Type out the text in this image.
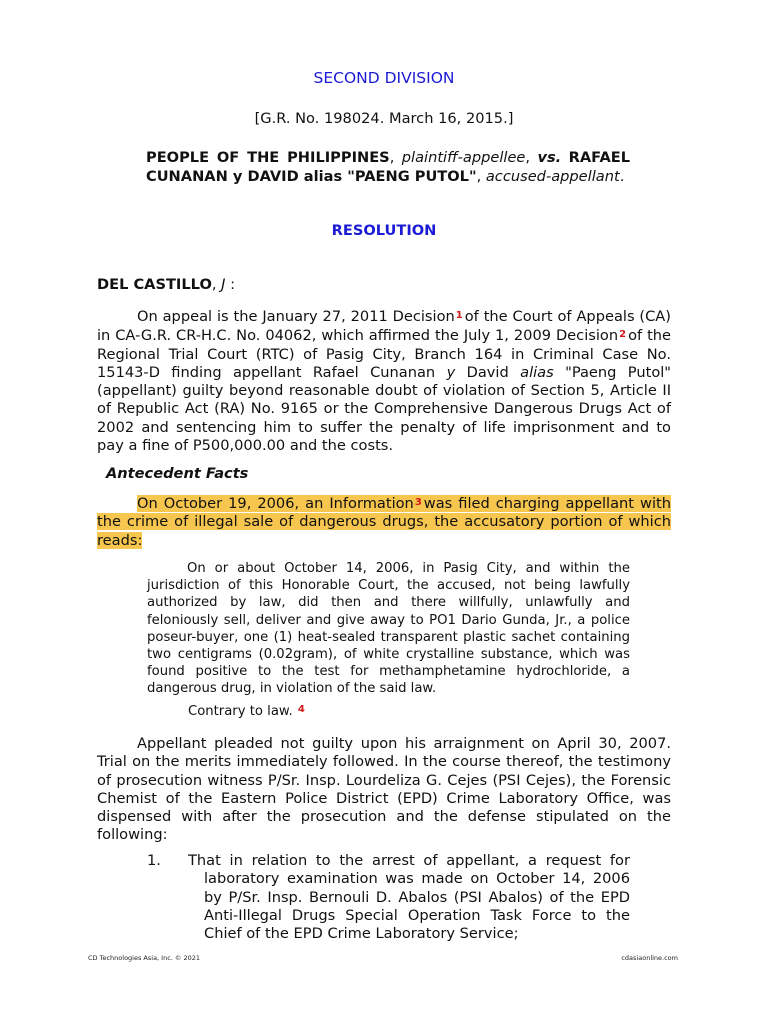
SECOND DIVISION
[G.R. No. 198024. March 16, 2015.]
PEOPLE OF THE PHILIPPINES, plaintiff-appellee, vs. RAFAEL CUNANAN y DAVID alias "PAENG PUTOL", accused-appellant.
RESOLUTION
DEL CASTILLO, J :

On appeal is the January 27, 2011 Decision$^1$ of the Court of Appeals (CA) in CA-G.R. CR-H.C. No. 04062, which affirmed the July 1, 2009 Decision$^2$ of the Regional Trial Court (RTC) of Pasig City, Branch 164 in Criminal Case No. 15143-D finding appellant Rafael Cunanan y David alias "Paeng Putol" (appellant) guilty beyond reasonable doubt of violation of Section 5, Article II of Republic Act (RA) No. 9165 or the Comprehensive Dangerous Drugs Act of 2002 and sentencing him to suffer the penalty of life imprisonment and to pay a fine of P500,000.00 and the costs.

Antecedent Facts

On October 19, 2006, an Information$^3$ was filed charging appellant with the crime of illegal sale of dangerous drugs, the accusatory portion of which reads:

On or about October 14, 2006, in Pasig City, and within the jurisdiction of this Honorable Court, the accused, not being lawfully authorized by law, did then and there willfully, unlawfully and feloniously sell, deliver and give away to PO1 Dario Gunda, Jr., a police poseur-buyer, one (1) heat-sealed transparent plastic sachet containing two centigrams (0.02gram), of white crystalline substance, which was found positive to the test for methamphetamine hydrochloride, a dangerous drug, in violation of the said law.

Contrary to law. $^4$

Appellant pleaded not guilty upon his arraignment on April 30, 2007. Trial on the merits immediately followed. In the course thereof, the testimony of prosecution witness P/Sr. Insp. Lourdeliza G. Cejes (PSI Cejes), the Forensic Chemist of the Eastern Police District (EPD) Crime Laboratory Office, was dispensed with after the prosecution and the defense stipulated on the following:

1. That in relation to the arrest of appellant, a request for laboratory examination was made on October 14, 2006 by P/Sr. Insp. Bernouli D. Abalos (PSI Abalos) of the EPD Anti-Illegal Drugs Special Operation Task Force to the Chief of the EPD Crime Laboratory Service;
CD Technologies Asia, Inc. © 2021	cdasiaonline.com
